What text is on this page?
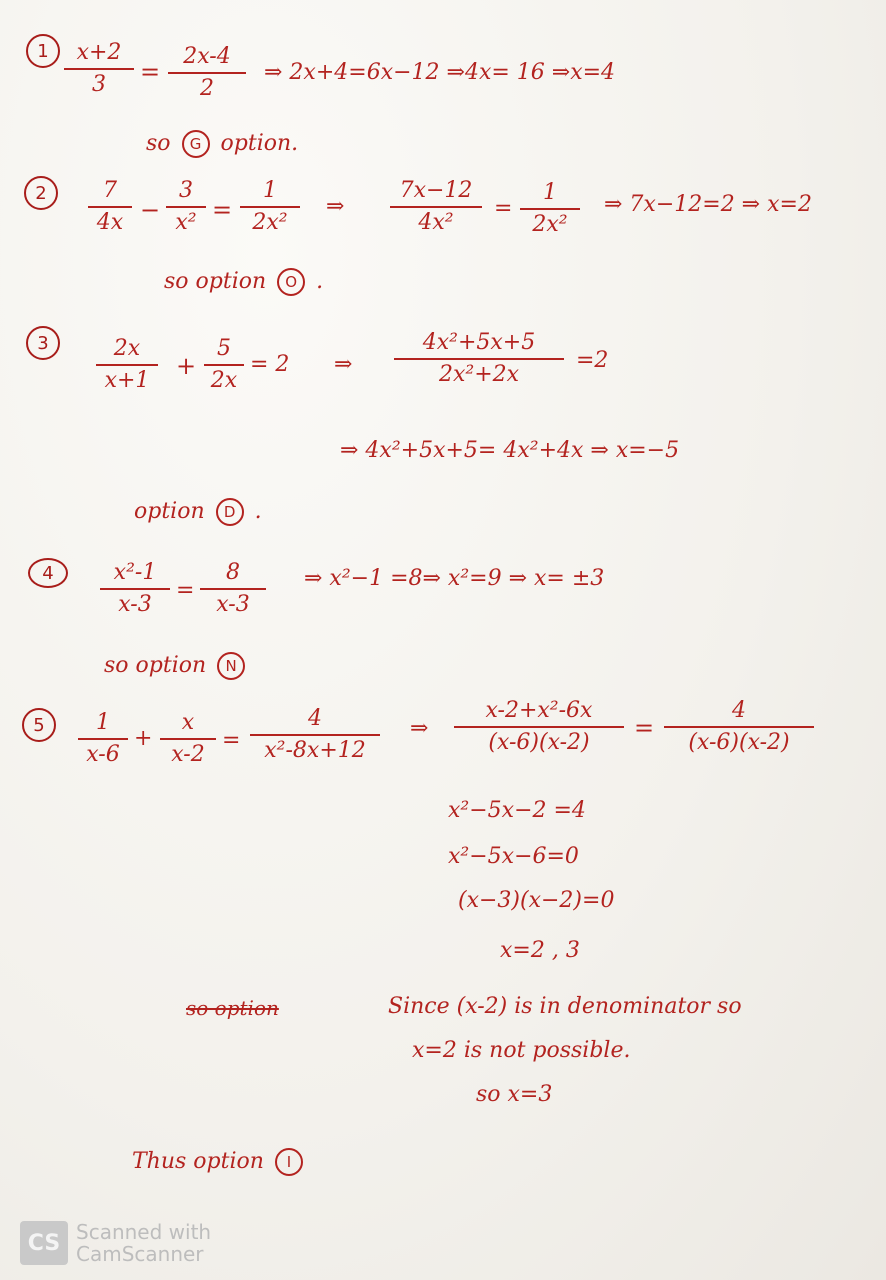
1	x+2
3	=
2x-4
2
⇒ 2x+4=6x−12 ⇒4x= 16 ⇒x=4
so G option.
2	7
4x −
3
x² =
1
2x²
⇒
7x−12
4x²
=
1
2x²
⇒ 7x−12=2 ⇒ x=2
so option O .
3	2x
x+1
+
5
2x
= 2 ⇒
4x²+5x+5
2x²+2x
=2
⇒ 4x²+5x+5= 4x²+4x ⇒ x=−5
option D .
4	x²-1
x-3
=
8
x-3
⇒ x²−1 =8⇒ x²=9 ⇒ x= ±3
so option N
5	1
x-6
+
x
x-2
=
4
x²-8x+12
⇒
x-2+x²-6x
(x-6)(x-2)
=
4
(x-6)(x-2)
x²−5x−2 =4
x²−5x−6=0
(x−3)(x−2)=0
x=2 , 3
so option	Since (x-2) is in denominator so
x=2 is not possible.
so x=3
Thus option I
CS Scanned with
CamScanner
